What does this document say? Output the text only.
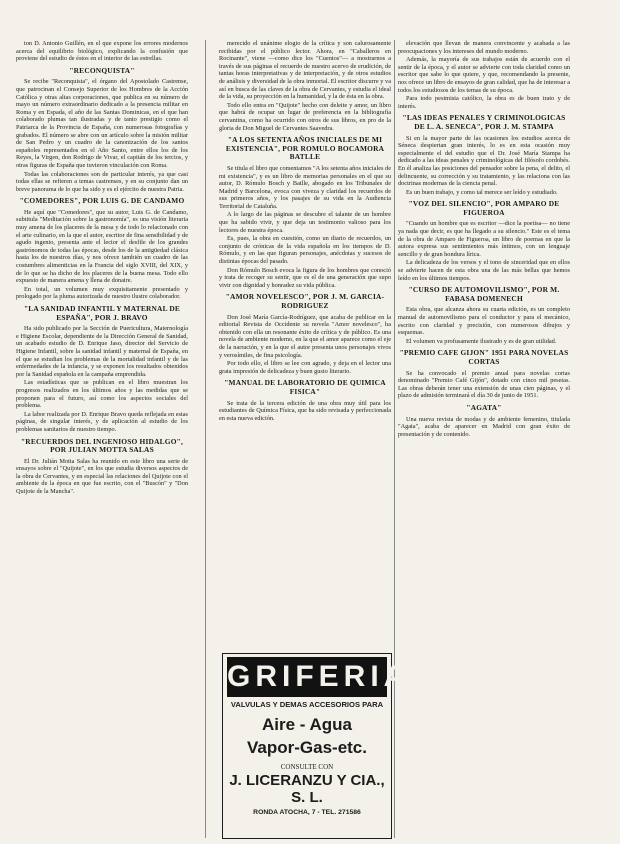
ton D. Antonio Guillén, en el que expone los errores modernos acerca del equilibrio biológico, explicando la confusión que proviene del estudio de éstos en el interior de las estrellas.
"RECONQUISTA"
Se recibe "Reconquista", el órgano del Apostolado Castrense, que patrocinan el Consejo Superior de los Hombres de la Acción Católica y otras altas corporaciones, que publica en su número de mayo un número extraordinario dedicado a la presencia militar en Roma y en Espada, el año de las Santas Dominicas, en el que han colaborado plumas tan ilustradas y de tanto prestigio como el Patriarca de la Provincia de España, con numerosas fotografías y grabados. El número se abre con un artículo sobre la misión militar de San Pedro y un cuadro de la canonización de los santos españoles representados en el Año Santo, entre ellos los de los Reyes, la Virgen, don Rodrigo de Vivar, el capitán de los tercios, y otras figuras de España que tuvieron vinculación con Roma.
Todas las colaboraciones son de particular interés, ya que casi todas ellas se refieren a temas castrenses, y en su conjunto dan un breve panorama de lo que ha sido y es el ejército de nuestra Patria.
"COMEDORES", POR LUIS G. DE CANDAMO
He aquí que "Comedores", que su autor, Luis G. de Candamo, subtitula "Meditación sobre la gastronomía", es una visión literaria muy amena de los placeres de la mesa y de todo lo relacionado con el arte culinario, en la que el autor, escritor de fina sensibilidad y de agudo ingenio, presenta ante el lector el desfile de los grandes gastrónomos de todas las épocas, desde los de la antigüedad clásica hasta los de nuestros días, y nos ofrece también un cuadro de las costumbres alimenticias en la Francia del siglo XVIII, del XIX, y de lo que se ha dicho de los placeres de la buena mesa. Todo ello expuesto de manera amena y llena de donaire.
En total, un volumen muy exquisitamente presentado y prologado por la pluma autorizada de nuestro ilustre colaborador.
"LA SANIDAD INFANTIL Y MATERNAL DE ESPAÑA", POR J. BRAVO
Ha sido publicado por la Sección de Puericultura, Maternología e Higiene Escolar, dependiente de la Dirección General de Sanidad, un acabado estudio de D. Enrique Jaso, director del Servicio de Higiene Infantil, sobre la sanidad infantil y maternal de España, en el que se estudian los problemas de la mortalidad infantil y de las enfermedades de la infancia, y se exponen los resultados obtenidos por la Sanidad española en la campaña emprendida.
Las estadísticas que se publican en el libro muestran los progresos realizados en los últimos años y las medidas que se proponen para el futuro, así como los aspectos sociales del problema.
La labor realizada por D. Enrique Bravo queda reflejada en estas páginas, de singular interés, y de aplicación al estudio de los problemas sanitarios de nuestro tiempo.
"RECUERDOS DEL INGENIOSO HIDALGO", POR JULIAN MOTTA SALAS
El Dr. Julián Motta Salas ha reunido en este libro una serie de ensayos sobre el "Quijote", en los que estudia diversos aspectos de la obra de Cervantes, y en especial las relaciones del Quijote con el ambiente de la época en que fue escrito, con el "Buscón" y "Don Quijote de la Mancha".
merecido el unánime elogio de la crítica y son calurosamente recibidas por el público lector. Ahora, en "Caballeros en Rocinante", viene —como dice los "Cuentos"— a mostrarnos a través de sus páginas el recuerdo de nuestro acervo de erudición, de tantas horas interpretativas y de interpretación, y de otros estudios de análisis y diversidad de la obra inmortal. El escritor discurre y va así en busca de las claves de la obra de Cervantes, y estudia el ideal de la vida, su proyección en la humanidad, y la de ésta en la obra.
Todo ello entra en "Quijote" hecho con deleite y amor, un libro que habrá de ocupar un lugar de preferencia en la bibliografía cervantina, como ha ocurrido con otros de sus libros, en pro de la gloria de Don Miguel de Cervantes Saavedra.
"A LOS SETENTA AÑOS INICIALES DE MI EXISTENCIA", POR ROMULO BOCAMORA BATLLE
Se titula el libro que comentamos "A los setenta años iniciales de mi existencia", y es un libro de memorias personales en el que su autor, D. Rómulo Bosch y Batlle, abogado en los Tribunales de Madrid y Barcelona, evoca con viveza y claridad los recuerdos de sus primeros años, y los pasajes de su vida en la Audiencia Territorial de Cataluña.
A lo largo de las páginas se descubre el talante de un hombre que ha sabido vivir, y que deja un testimonio valioso para los lectores de nuestra época.
Es, pues, la obra en cuestión, como un diario de recuerdos, un conjunto de crónicas de la vida española en los tiempos de D. Rómulo, y en las que figuran personajes, anécdotas y sucesos de distintas épocas del pasado.
Don Rómulo Bosch evoca la figura de los hombres que conoció y trata de recoger su sentir, que es el de una generación que supo vivir con dignidad y honradez su vida pública.
"AMOR NOVELESCO", POR J. M. GARCIA-RODRIGUEZ
Don José María García-Rodríguez, que acaba de publicar en la editorial Revista de Occidente su novela "Amor novelesco", ha obtenido con ella un resonante éxito de crítica y de público. Es una novela de ambiente moderno, en la que el amor aparece como el eje de la narración, y en la que el autor presenta unos personajes vivos y verosímiles, de fina psicología.
Por todo ello, el libro se lee con agrado, y deja en el lector una grata impresión de delicadeza y buen gusto literario.
"MANUAL DE LABORATORIO DE QUIMICA FISICA"
Se trata de la tercera edición de una obra muy útil para los estudiantes de Química Física, que ha sido revisada y perfeccionada en esta nueva edición.
elevación que llevan de manera convincente y acabada a las preocupaciones y los intereses del mundo moderno.
Además, la mayoría de sus trabajos están de acuerdo con el sentir de la época, y el autor se advierte con toda claridad como un escritor que sabe lo que quiere, y que, recomendando la presente, nos ofrece un libro de ensayos de gran calidad, que ha de interesar a todos los estudiosos de los temas de su época.
Para todo pesimista católico, la obra es de buen trato y de interés.
"LAS IDEAS PENALES Y CRIMINOLOGICAS DE L. A. SENECA", POR J. M. STAMPA
Si en la mayor parte de las ocasiones los estudios acerca de Séneca despiertan gran interés, lo es en esta ocasión muy especialmente el del estudio que el Dr. José María Stampa ha dedicado a las ideas penales y criminológicas del filósofo cordobés. En él analiza las posiciones del pensador sobre la pena, el delito, el delincuente, su corrección y su tratamiento, y las relaciona con las doctrinas modernas de la ciencia penal.
Es un buen trabajo, y como tal merece ser leído y estudiado.
"VOZ DEL SILENCIO", POR AMPARO DE FIGUEROA
"Cuando un hombre que es escritor —dice la poetisa— no tiene ya nada que decir, es que ha llegado a su silencio." Este es el tema de la obra de Amparo de Figueroa, un libro de poemas en que la autora expresa sus sentimientos más íntimos, con un lenguaje sencillo y de gran hondura lírica.
La delicadeza de los versos y el tono de sinceridad que en ellos se advierte hacen de esta obra una de las más bellas que hemos leído en los últimos tiempos.
"CURSO DE AUTOMOVILISMO", POR M. FABASA DOMENECH
Esta obra, que alcanza ahora su cuarta edición, es un completo manual de automovilismo para el conductor y para el mecánico, escrito con claridad y precisión, con numerosos dibujos y esquemas.
El volumen va profusamente ilustrado y es de gran utilidad.
"PREMIO CAFE GIJON" 1951 PARA NOVELAS CORTAS
Se ha convocado el premio anual para novelas cortas denominado "Premio Café Gijón", dotado con cinco mil pesetas. Las obras deberán tener una extensión de unas cien páginas, y el plazo de admisión terminará el día 30 de junio de 1951.
"AGATA"
Una nueva revista de modas y de ambiente femenino, titulada "Agata", acaba de aparecer en Madrid con gran éxito de presentación y de contenido.
GRIFERIA
VALVULAS Y DEMAS ACCESORIOS PARA
Aire - Agua
Vapor-Gas-etc.
CONSULTE CON
J. LICERANZU Y CIA., S. L.
RONDA ATOCHA, 7 - TEL. 271586
